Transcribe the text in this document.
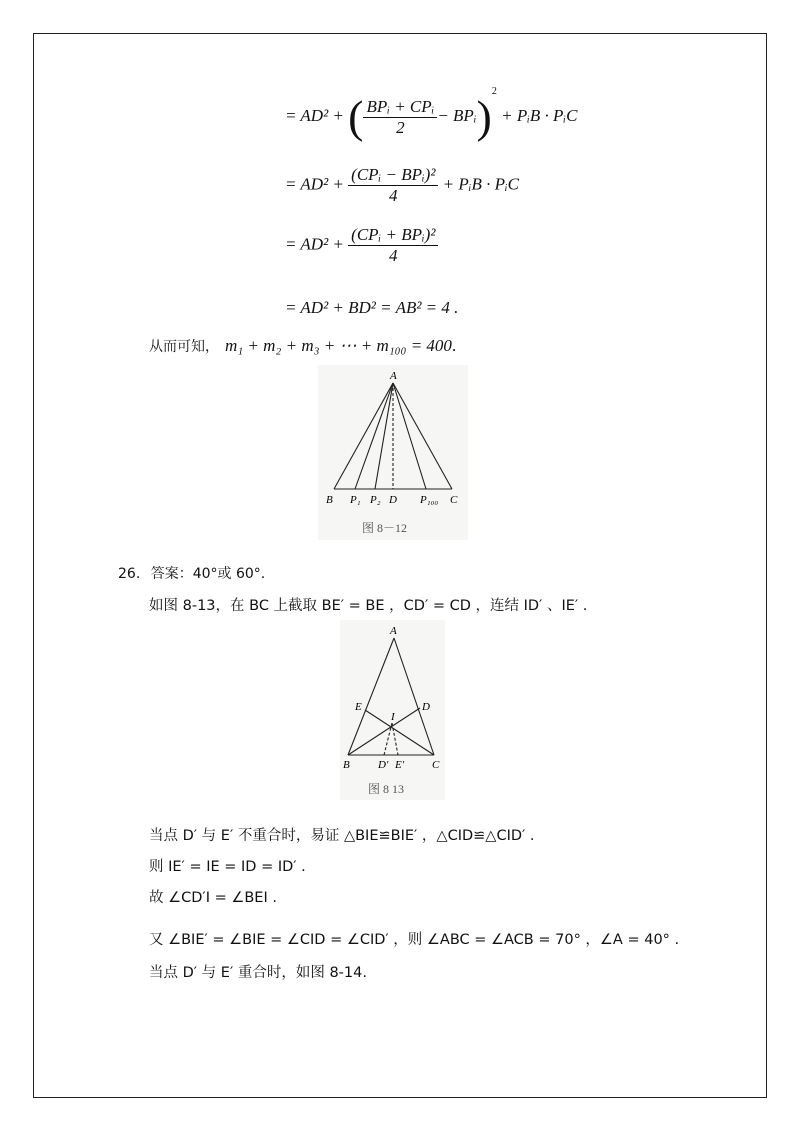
= AD² + ( $\frac{\text{BPᵢ + CPᵢ}}{2}$ − BPᵢ)$^2$ + PᵢB · PᵢC
= $AD^2 + \frac{\text{(CPᵢ − BPᵢ)²}}{4}$ + PᵢB · PᵢC
= $AD^2 + \frac{\text{(CPᵢ + BPᵢ)²}}{4}$
= AD² + BD² = AB² = 4 .
从而可知， m₁ + m₂ + m₃ + ⋯ + m₁₀₀ = 400.
A
B P₁ P₂ D P₁₀₀ C
图 8－12
26. 答案：40°或 60°.
如图 8-13，在 BC 上截取 BE′ = BE ，CD′ = CD ，连结 ID′ 、IE′ .
A
E	D
I
B	D′ E′	C
图 8 13
当点 D′ 与 E′ 不重合时，易证 △BIE≌BIE′ ，△CID≌△CID′ .
则 IE′ = IE = ID = ID′ .
故 ∠CD′I = ∠BEI .
又 ∠BIE′ = ∠BIE = ∠CID = ∠CID′ ，则 ∠ABC = ∠ACB = 70° ，∠A = 40° .
当点 D′ 与 E′ 重合时，如图 8-14.
